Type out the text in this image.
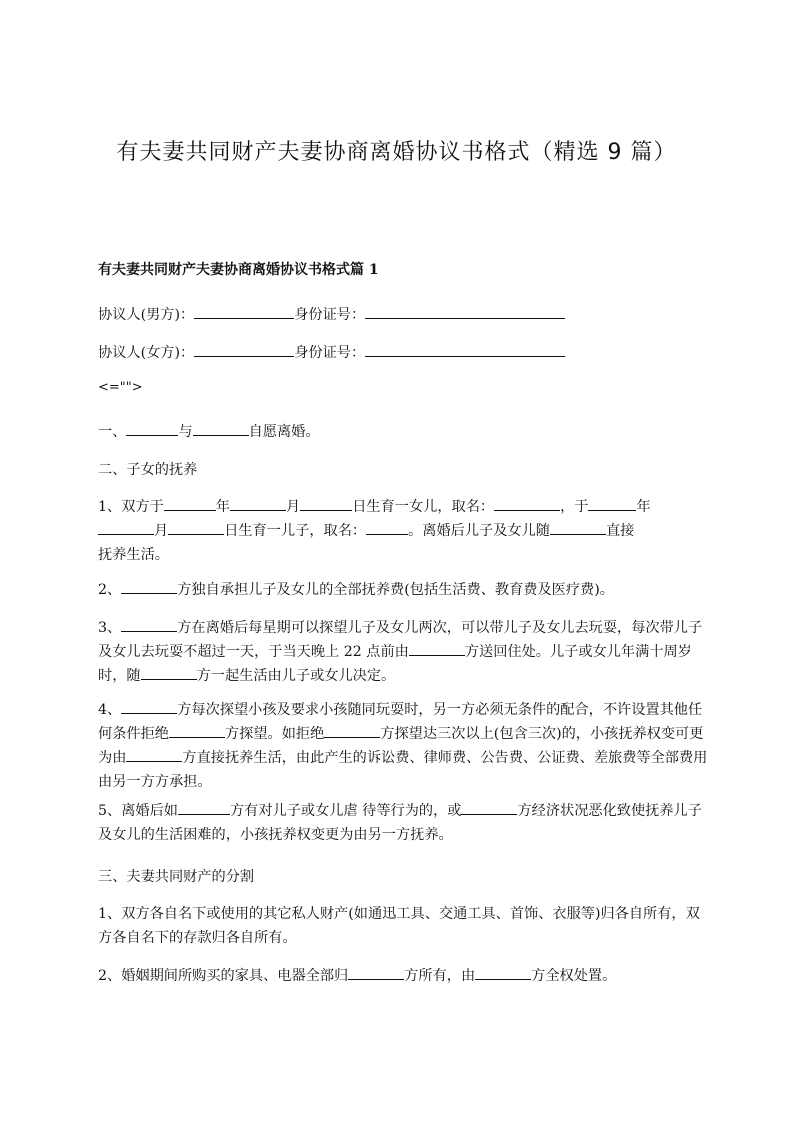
有夫妻共同财产夫妻协商离婚协议书格式（精选 9 篇）
有夫妻共同财产夫妻协商离婚协议书格式篇 1

协议人(男方)：	身份证号：

协议人(女方)：	身份证号：

<="">

一、	与	自愿离婚。

二、子女的抚养

1、双方于	年	月	日生育一女儿，取名：	，于	年
月	日生育一儿子，取名：	。离婚后儿子及女儿随	直接
抚养生活。

2、	方独自承担儿子及女儿的全部抚养费(包括生活费、教育费及医疗费)。

3、	方在离婚后每星期可以探望儿子及女儿两次，可以带儿子及女儿去玩耍，每次带儿子及女儿去玩耍不超过一天，于当天晚上 22 点前由	方送回住处。儿子或女儿年满十周岁时，随	方一起生活由儿子或女儿决定。

4、	方每次探望小孩及要求小孩随同玩耍时，另一方必须无条件的配合，不许设置其他任何条件拒绝	方探望。如拒绝	方探望达三次以上(包含三次)的，小孩抚养权变可更为由	方直接抚养生活，由此产生的诉讼费、律师费、公告费、公证费、差旅费等全部费用由另一方方承担。

5、离婚后如	方有对儿子或女儿虐 待等行为的，或	方经济状况恶化致使抚养儿子及女儿的生活困难的，小孩抚养权变更为由另一方抚养。

三、夫妻共同财产的分割

1、双方各自名下或使用的其它私人财产(如通迅工具、交通工具、首饰、衣服等)归各自所有，双方各自名下的存款归各自所有。

2、婚姻期间所购买的家具、电器全部归	方所有，由	方全权处置。
